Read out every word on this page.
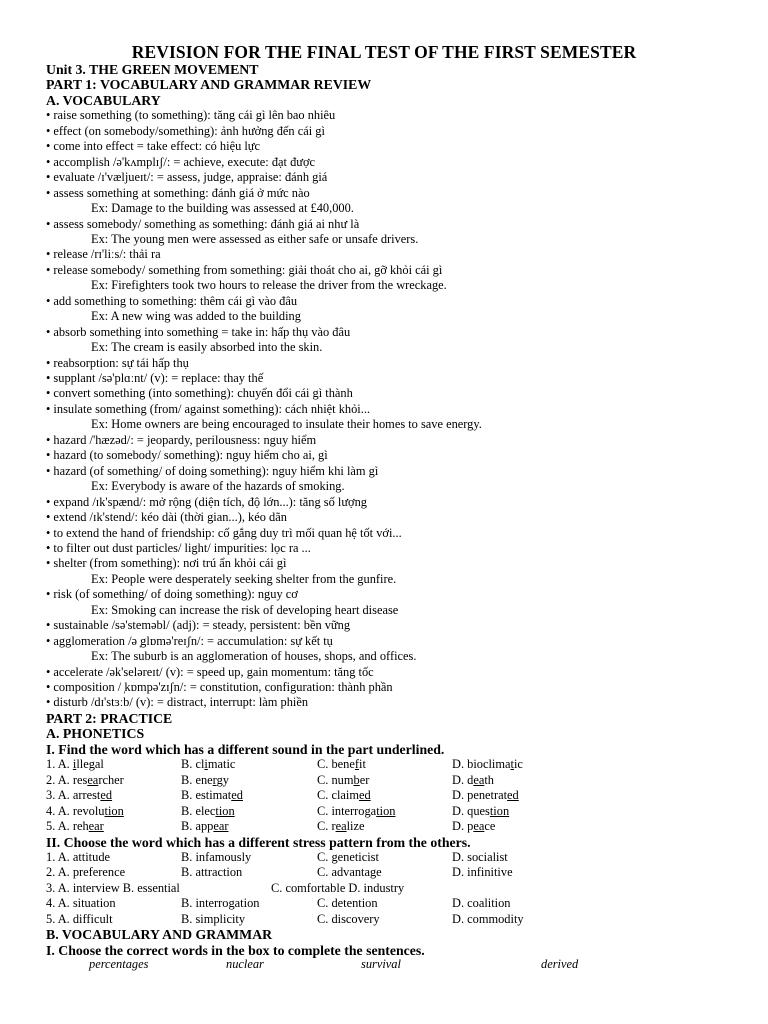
REVISION FOR THE FINAL TEST OF THE FIRST SEMESTER
Unit 3. THE GREEN MOVEMENT
PART 1: VOCABULARY AND GRAMMAR REVIEW
A. VOCABULARY
• raise something (to something): tăng cái gì lên bao nhiêu
• effect (on somebody/something): ảnh hưởng đến cái gì
• come into effect = take effect: có hiệu lực
• accomplish /ə'kʌmplɪʃ/: = achieve, execute: đạt được
• evaluate /ɪ'væljueɪt/: = assess, judge, appraise: đánh giá
• assess something at something: đánh giá ở mức nào
Ex: Damage to the building was assessed at £40,000.
• assess somebody/ something as something: đánh giá ai như là
Ex: The young men were assessed as either safe or unsafe drivers.
• release /rɪ'liːs/: thải ra
• release somebody/ something from something: giải thoát cho ai, gỡ khỏi cái gì
Ex: Firefighters took two hours to release the driver from the wreckage.
• add something to something: thêm cái gì vào đâu
Ex: A new wing was added to the building
• absorb something into something = take in: hấp thụ vào đâu
Ex: The cream is easily absorbed into the skin.
• reabsorption: sự tái hấp thụ
• supplant /sə'plɑːnt/ (v): = replace: thay thế
• convert something (into something): chuyển đổi cái gì thành
• insulate something (from/ against something): cách nhiệt khỏi...
Ex: Home owners are being encouraged to insulate their homes to save energy.
• hazard /'hæzəd/: = jeopardy, perilousness: nguy hiểm
• hazard (to somebody/ something): nguy hiểm cho ai, gì
• hazard (of something/ of doing something): nguy hiểm khi làm gì
Ex: Everybody is aware of the hazards of smoking.
• expand /ɪk'spænd/: mở rộng (diện tích, độ lớn...): tăng số lượng
• extend /ɪk'stend/: kéo dài (thời gian...), kéo dãn
• to extend the hand of friendship: cố gắng duy trì mối quan hệ tốt với...
• to filter out dust particles/ light/ impurities: lọc ra ...
• shelter (from something): nơi trú ẩn khỏi cái gì
Ex: People were desperately seeking shelter from the gunfire.
• risk (of something/ of doing something): nguy cơ
Ex: Smoking can increase the risk of developing heart disease
• sustainable /sə'steməbl/ (adj): = steady, persistent: bền vững
• agglomeration /ə ̩glɒmə'reɪʃn/: = accumulation: sự kết tụ
Ex: The suburb is an agglomeration of houses, shops, and offices.
• accelerate /ək'seləreɪt/ (v): = speed up, gain momentum: tăng tốc
• composition / ̩kɒmpə'zɪʃn/: = constitution, configuration: thành phần
• disturb /dɪ'stɜːb/ (v): = distract, interrupt: làm phiền
PART 2: PRACTICE
A. PHONETICS
I. Find the word which has a different sound in the part underlined.
1. A. illegal	B. climatic	C. benefit	D. bioclimatic
2. A. researcher	B. energy	C. number	D. death
3. A. arrested	B. estimated	C. claimed	D. penetrated
4. A. revolution	B. election	C. interrogation	D. question
5. A. rehear	B. appear	C. realize	D. peace
II. Choose the word which has a different stress pattern from the others.
1. A. attitude	B. infamously	C. geneticist	D. socialist
2. A. preference	B. attraction	C. advantage	D. infinitive
3. A. interview B. essential	C. comfortable D. industry
4. A. situation	B. interrogation	C. detention	D. coalition
5. A. difficult	B. simplicity	C. discovery	D. commodity
B. VOCABULARY AND GRAMMAR
I. Choose the correct words in the box to complete the sentences.
percentages	nuclear	survival	derived
